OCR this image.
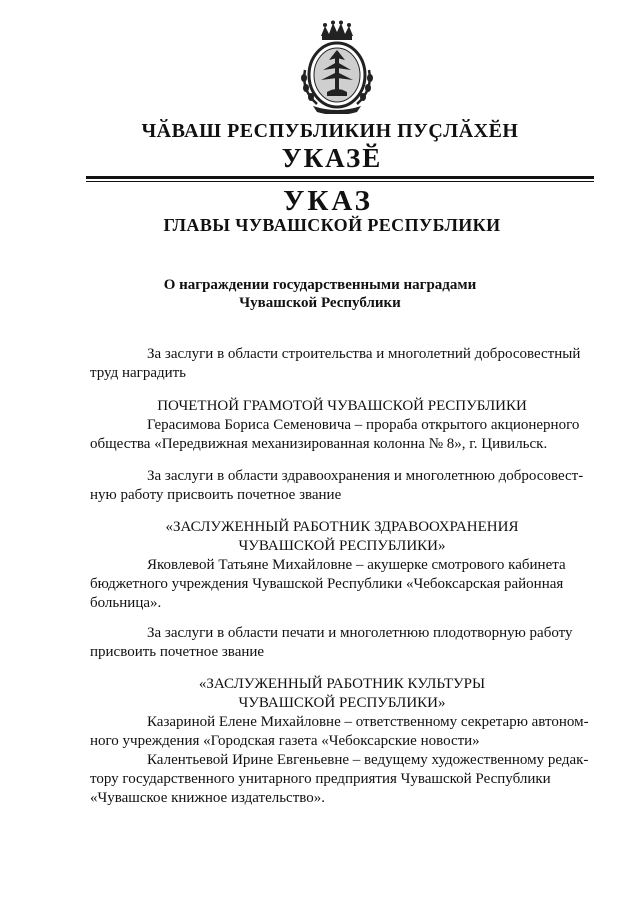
ЧӐВАШ РЕСПУБЛИКИН ПУҪЛӐХӖН
УКАЗӖ
УКАЗ
ГЛАВЫ ЧУВАШСКОЙ РЕСПУБЛИКИ
О награждении государственными наградами
Чувашской Республики
За заслуги в области строительства и многолетний добросовестный
труд наградить
ПОЧЕТНОЙ ГРАМОТОЙ ЧУВАШСКОЙ РЕСПУБЛИКИ
Герасимова Бориса Семеновича – прораба открытого акционерного
общества «Передвижная механизированная колонна № 8», г. Цивильск.
За заслуги в области здравоохранения и многолетнюю добросовест-
ную работу присвоить почетное звание
«ЗАСЛУЖЕННЫЙ РАБОТНИК ЗДРАВООХРАНЕНИЯ
ЧУВАШСКОЙ РЕСПУБЛИКИ»
Яковлевой Татьяне Михайловне – акушерке смотрового кабинета
бюджетного учреждения Чувашской Республики «Чебоксарская районная
больница».
За заслуги в области печати и многолетнюю плодотворную работу
присвоить почетное звание
«ЗАСЛУЖЕННЫЙ РАБОТНИК КУЛЬТУРЫ
ЧУВАШСКОЙ РЕСПУБЛИКИ»
Казариной Елене Михайловне – ответственному секретарю автоном-
ного учреждения «Городская газета «Чебоксарские новости»
Калентьевой Ирине Евгеньевне – ведущему художественному редак-
тору государственного унитарного предприятия Чувашской Республики
«Чувашское книжное издательство».
